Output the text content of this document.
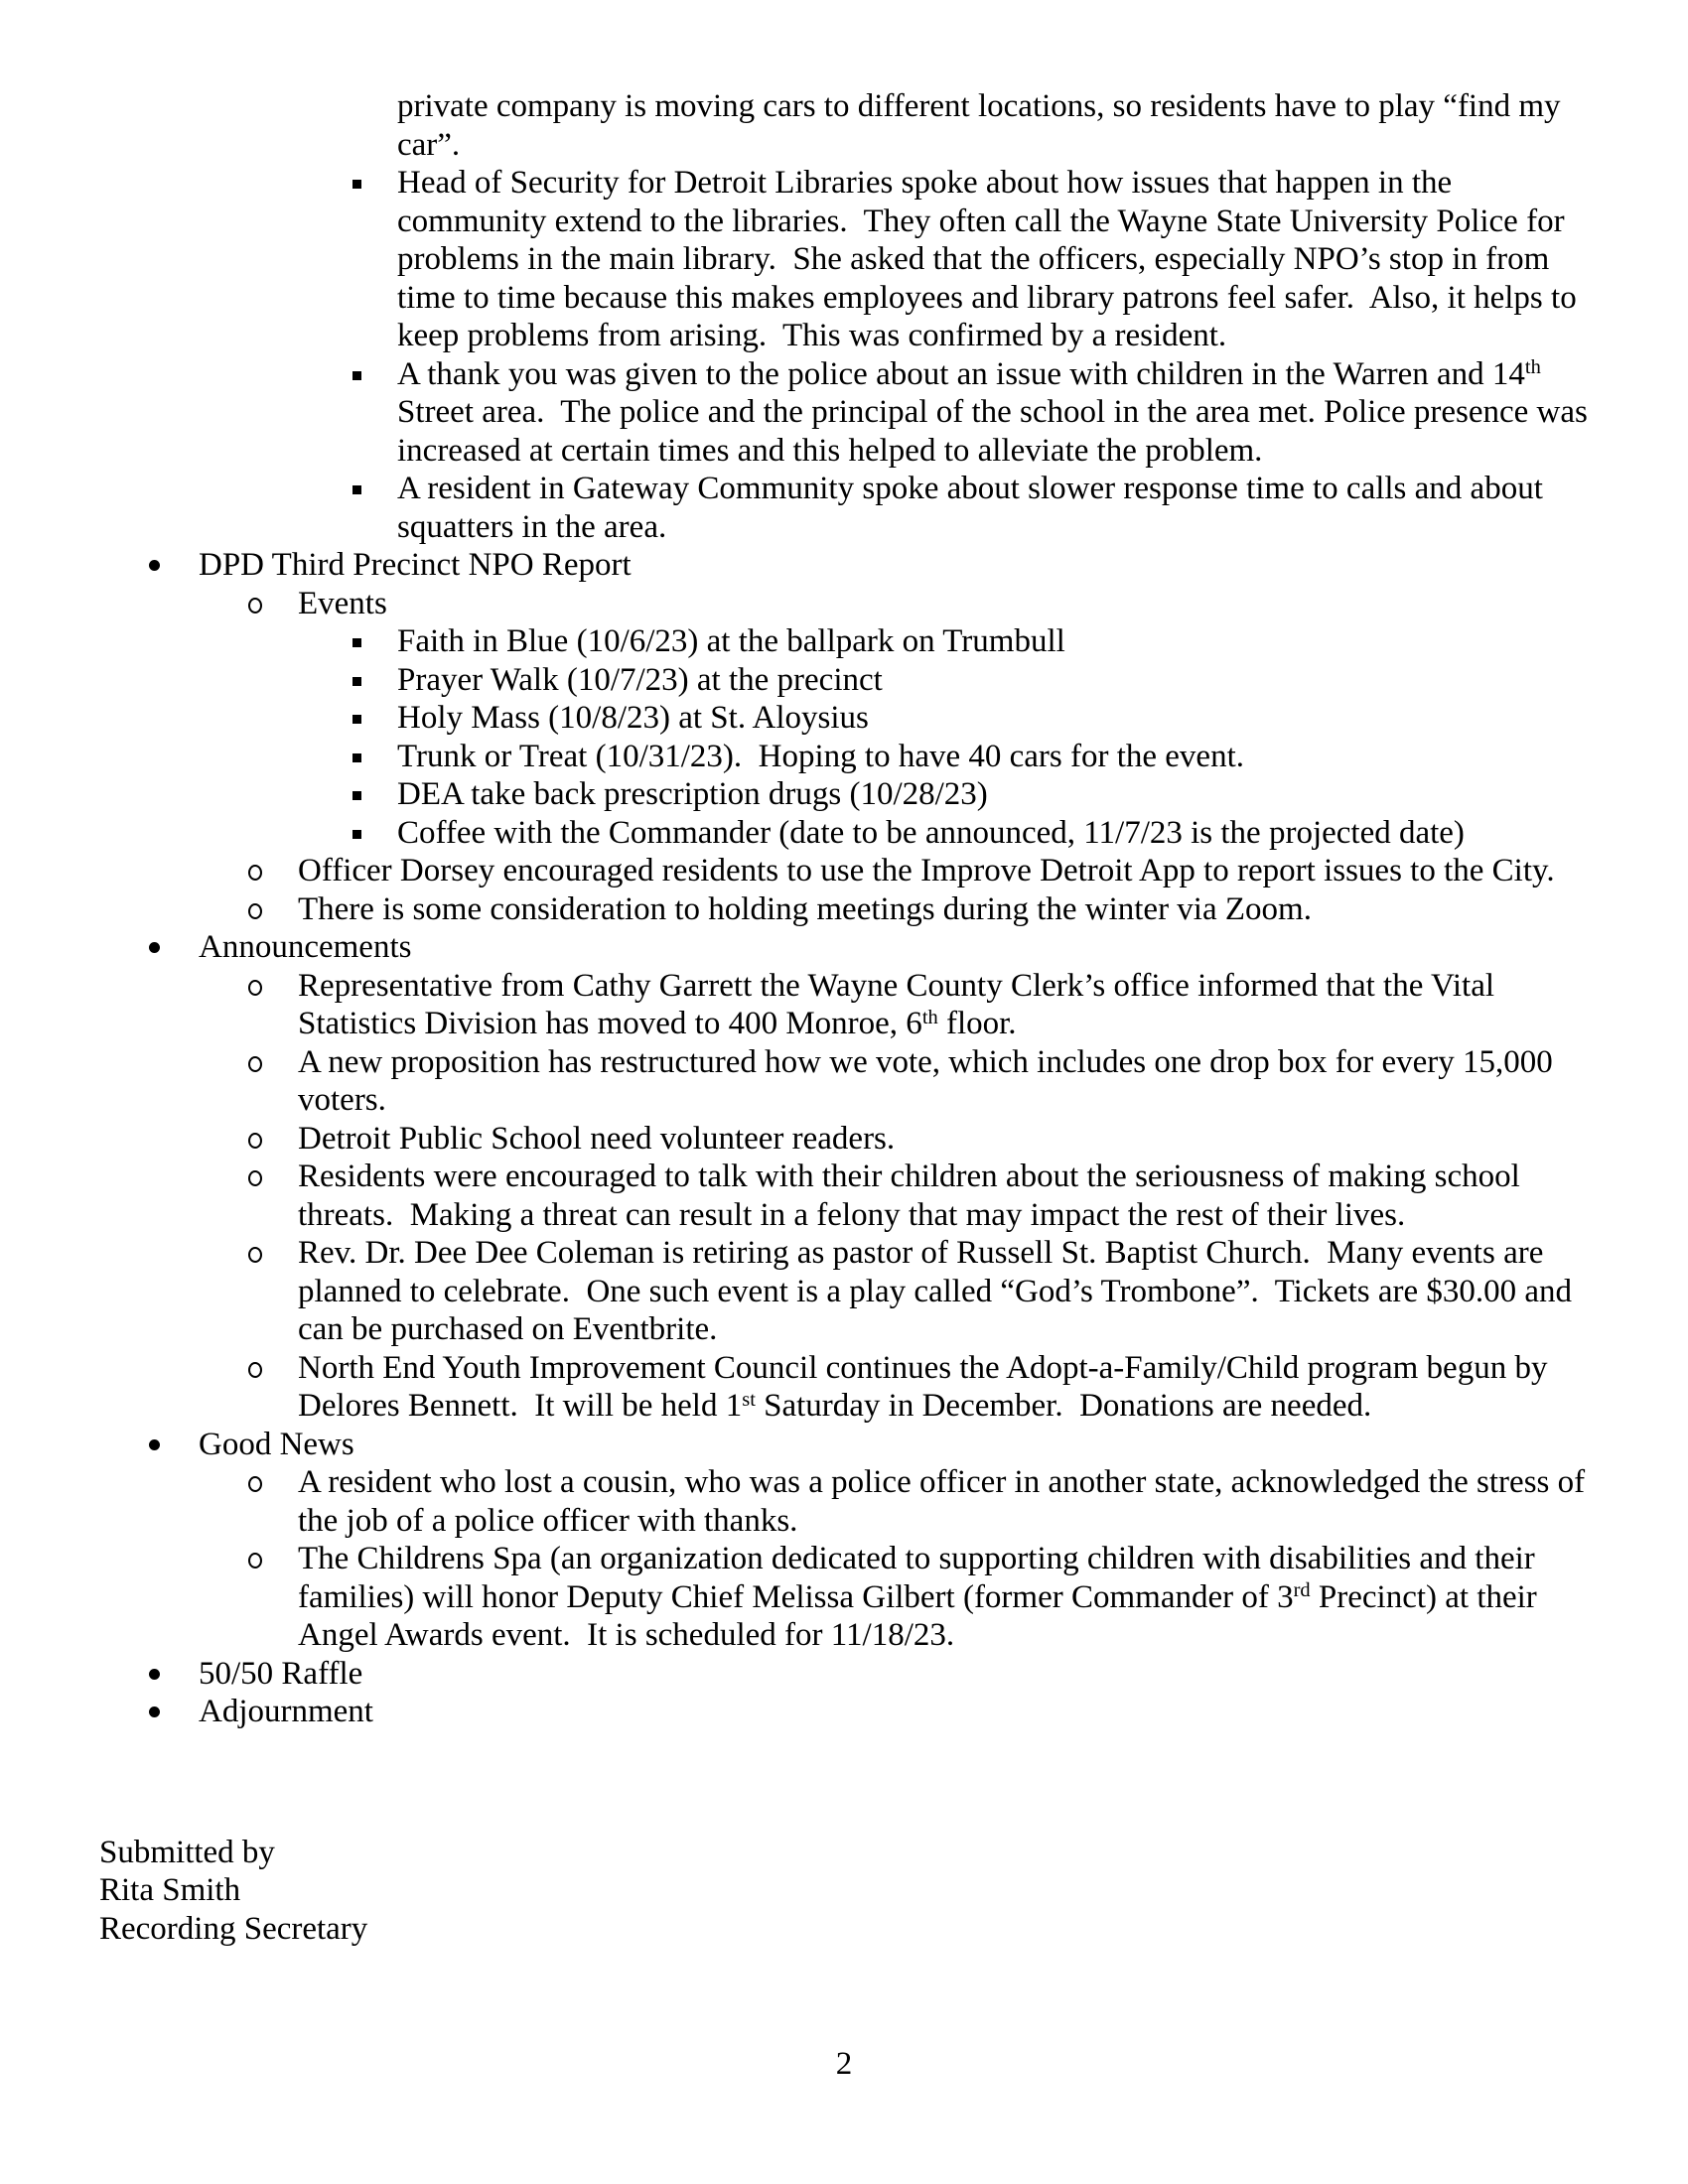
private company is moving cars to different locations, so residents have to play “find my car”.
Head of Security for Detroit Libraries spoke about how issues that happen in the community extend to the libraries.  They often call the Wayne State University Police for problems in the main library.  She asked that the officers, especially NPO’s stop in from time to time because this makes employees and library patrons feel safer.  Also, it helps to keep problems from arising.  This was confirmed by a resident.
A thank you was given to the police about an issue with children in the Warren and 14th Street area.  The police and the principal of the school in the area met. Police presence was increased at certain times and this helped to alleviate the problem.
A resident in Gateway Community spoke about slower response time to calls and about squatters in the area.
DPD Third Precinct NPO Report
Events
Faith in Blue (10/6/23) at the ballpark on Trumbull
Prayer Walk (10/7/23) at the precinct
Holy Mass (10/8/23) at St. Aloysius
Trunk or Treat (10/31/23).  Hoping to have 40 cars for the event.
DEA take back prescription drugs (10/28/23)
Coffee with the Commander (date to be announced, 11/7/23 is the projected date)
Officer Dorsey encouraged residents to use the Improve Detroit App to report issues to the City.
There is some consideration to holding meetings during the winter via Zoom.
Announcements
Representative from Cathy Garrett the Wayne County Clerk’s office informed that the Vital Statistics Division has moved to 400 Monroe, 6th floor.
A new proposition has restructured how we vote, which includes one drop box for every 15,000 voters.
Detroit Public School need volunteer readers.
Residents were encouraged to talk with their children about the seriousness of making school threats.  Making a threat can result in a felony that may impact the rest of their lives.
Rev. Dr. Dee Dee Coleman is retiring as pastor of Russell St. Baptist Church.  Many events are planned to celebrate.  One such event is a play called “God’s Trombone”.  Tickets are $30.00 and can be purchased on Eventbrite.
North End Youth Improvement Council continues the Adopt-a-Family/Child program begun by Delores Bennett.  It will be held 1st Saturday in December.  Donations are needed.
Good News
A resident who lost a cousin, who was a police officer in another state, acknowledged the stress of the job of a police officer with thanks.
The Childrens Spa (an organization dedicated to supporting children with disabilities and their families) will honor Deputy Chief Melissa Gilbert (former Commander of 3rd Precinct) at their Angel Awards event.  It is scheduled for 11/18/23.
50/50 Raffle
Adjournment
Submitted by
Rita Smith
Recording Secretary
2
